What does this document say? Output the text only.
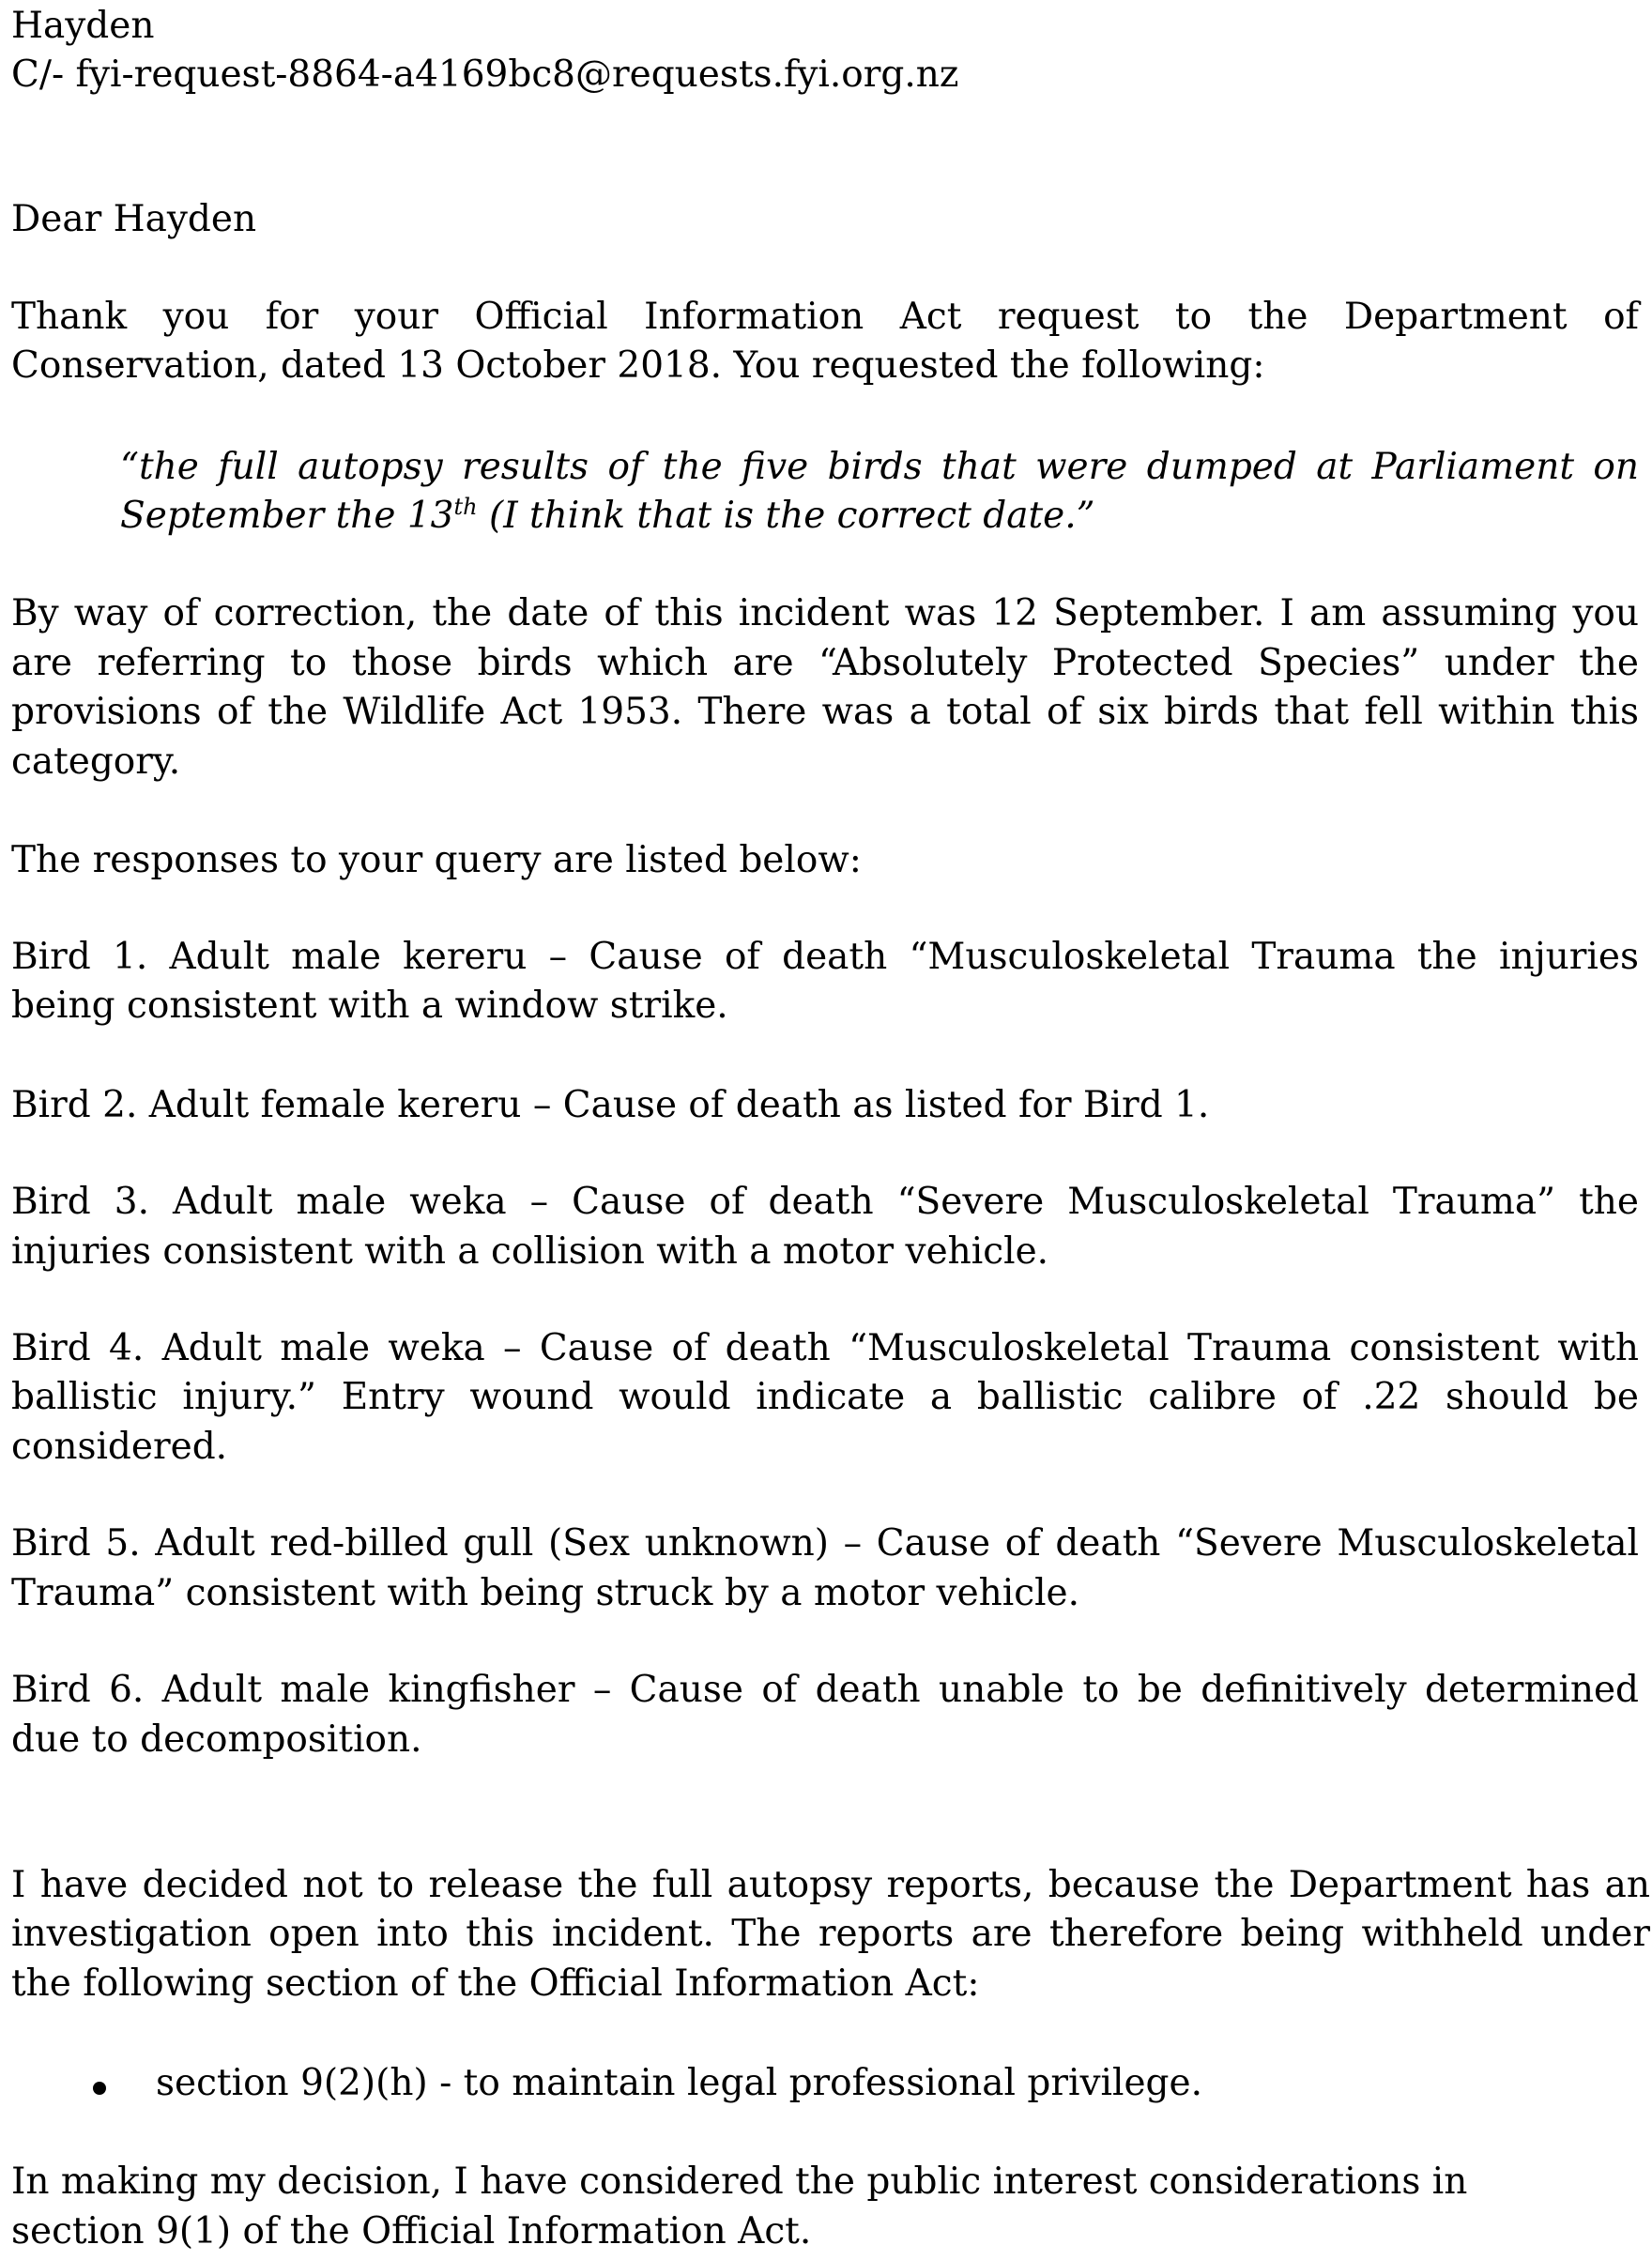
Hayden
C/- fyi-request-8864-a4169bc8@requests.fyi.org.nz
Dear Hayden
Thank you for your Official Information Act request to the Department of
Conservation, dated 13 October 2018. You requested the following:
“the full autopsy results of the five birds that were dumped at Parliament on
September the 13th (I think that is the correct date.”
By way of correction, the date of this incident was 12 September. I am assuming you
are referring to those birds which are “Absolutely Protected Species” under the
provisions of the Wildlife Act 1953. There was a total of six birds that fell within this
category.
The responses to your query are listed below:
Bird 1. Adult male kereru – Cause of death “Musculoskeletal Trauma the injuries
being consistent with a window strike.
Bird 2. Adult female kereru – Cause of death as listed for Bird 1.
Bird 3. Adult male weka – Cause of death “Severe Musculoskeletal Trauma” the
injuries consistent with a collision with a motor vehicle.
Bird 4. Adult male weka – Cause of death “Musculoskeletal Trauma consistent with
ballistic injury.” Entry wound would indicate a ballistic calibre of .22 should be
considered.
Bird 5. Adult red-billed gull (Sex unknown) – Cause of death “Severe Musculoskeletal
Trauma” consistent with being struck by a motor vehicle.
Bird 6. Adult male kingfisher – Cause of death unable to be definitively determined
due to decomposition.
I have decided not to release the full autopsy reports, because the Department has an
investigation open into this incident. The reports are therefore being withheld under
the following section of the Official Information Act:
section 9(2)(h) - to maintain legal professional privilege.
In making my decision, I have considered the public interest considerations in
section 9(1) of the Official Information Act.
